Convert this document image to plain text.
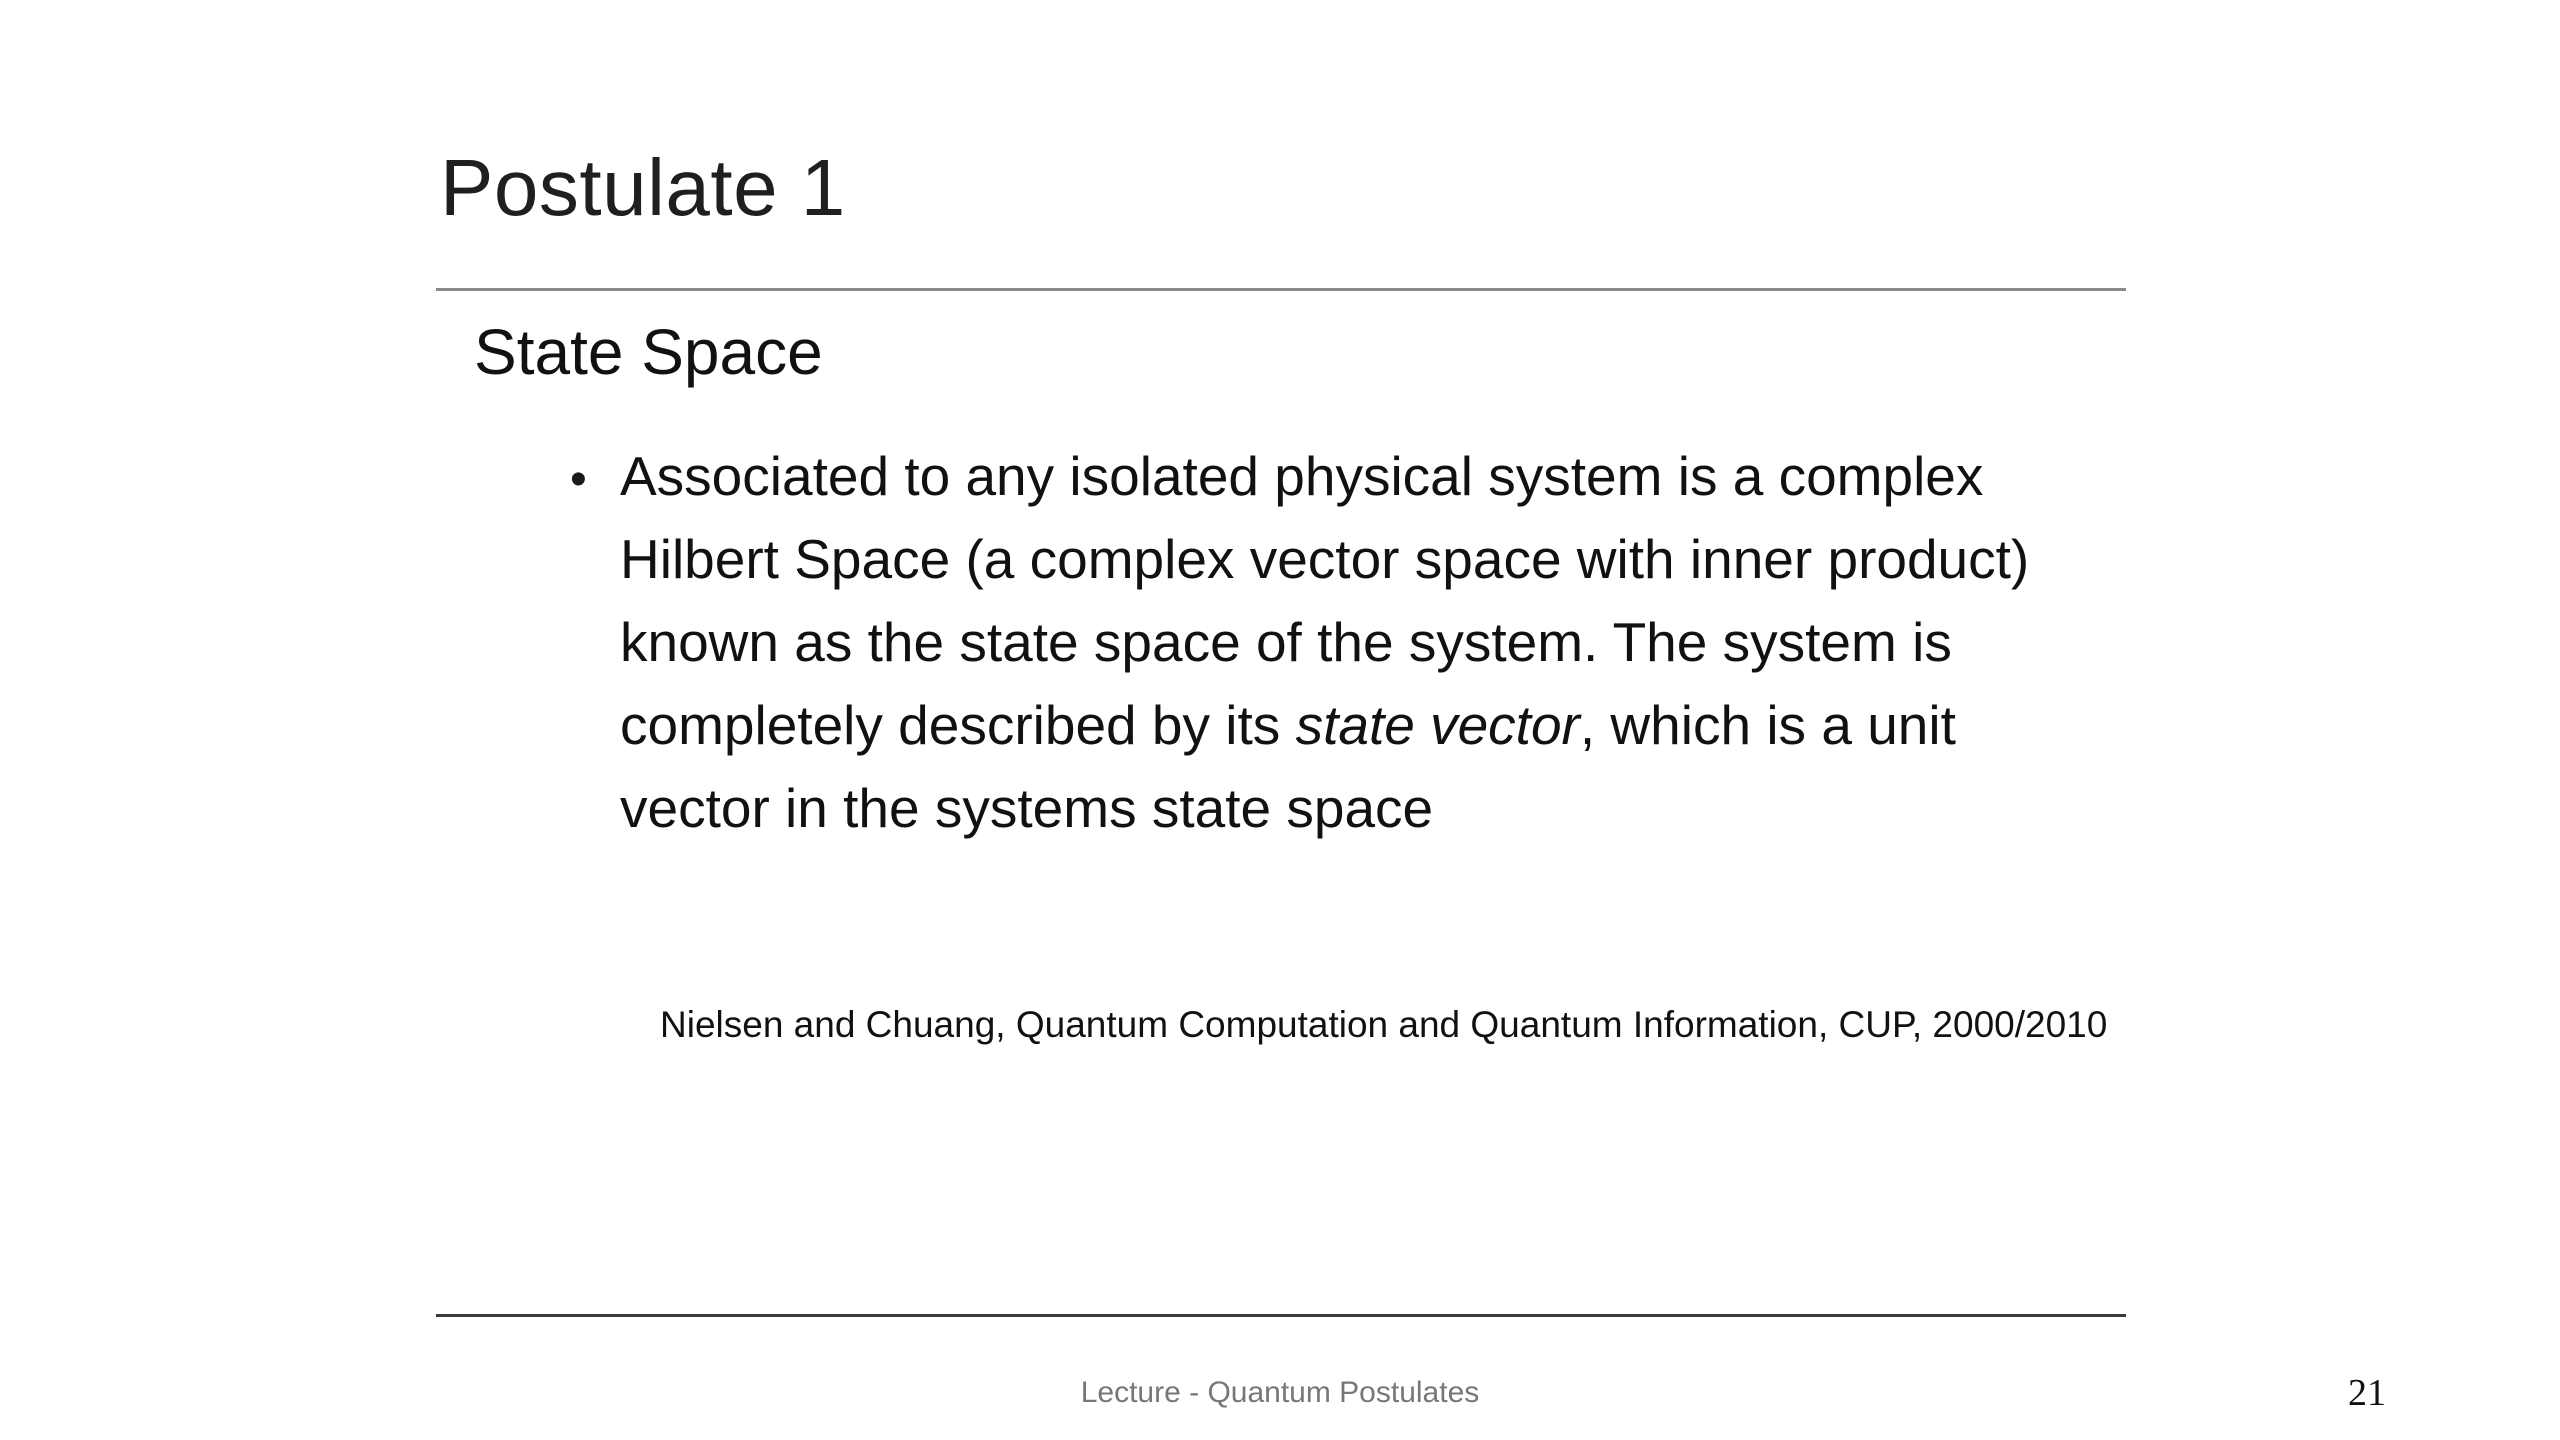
Postulate 1
State Space
• Associated to any isolated physical system is a complex
Hilbert Space (a complex vector space with inner product)
known as the state space of the system. The system is
completely described by its state vector, which is a unit
vector in the systems state space
Nielsen and Chuang, Quantum Computation and Quantum Information, CUP, 2000/2010
Lecture - Quantum Postulates	21
